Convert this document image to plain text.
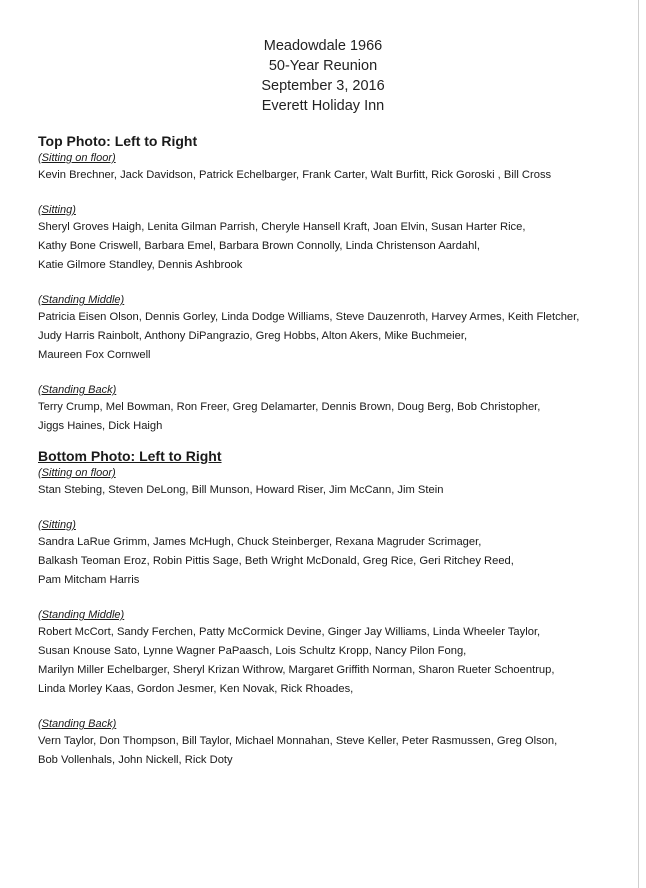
Meadowdale 1966
50-Year Reunion
September 3, 2016
Everett Holiday Inn
Top Photo: Left to Right
(Sitting on floor)
Kevin Brechner, Jack Davidson, Patrick Echelbarger, Frank Carter, Walt Burfitt, Rick Goroski , Bill Cross
(Sitting)
Sheryl Groves Haigh, Lenita Gilman Parrish, Cheryle Hansell Kraft, Joan Elvin, Susan Harter Rice,
Kathy Bone Criswell, Barbara Emel, Barbara Brown Connolly, Linda Christenson Aardahl,
Katie Gilmore Standley, Dennis Ashbrook
(Standing Middle)
Patricia Eisen Olson, Dennis Gorley, Linda Dodge Williams, Steve Dauzenroth, Harvey Armes, Keith Fletcher,
Judy Harris Rainbolt, Anthony DiPangrazio, Greg Hobbs, Alton Akers, Mike Buchmeier,
Maureen Fox Cornwell
(Standing Back)
Terry Crump, Mel Bowman, Ron Freer, Greg Delamarter, Dennis Brown, Doug Berg, Bob Christopher,
Jiggs Haines, Dick Haigh
Bottom Photo: Left to Right
(Sitting on floor)
Stan Stebing, Steven DeLong, Bill Munson, Howard Riser, Jim McCann, Jim Stein
(Sitting)
Sandra LaRue Grimm, James McHugh, Chuck Steinberger, Rexana Magruder Scrimager,
Balkash Teoman Eroz, Robin Pittis Sage, Beth Wright McDonald, Greg Rice, Geri Ritchey Reed,
Pam Mitcham Harris
(Standing Middle)
Robert McCort, Sandy Ferchen, Patty McCormick Devine, Ginger Jay Williams, Linda Wheeler Taylor,
Susan Knouse Sato, Lynne Wagner PaPaasch, Lois Schultz Kropp, Nancy Pilon Fong,
Marilyn Miller Echelbarger, Sheryl Krizan Withrow, Margaret Griffith Norman, Sharon Rueter Schoentrup,
Linda Morley Kaas, Gordon Jesmer, Ken Novak, Rick Rhoades,
(Standing Back)
Vern Taylor, Don Thompson, Bill Taylor, Michael Monnahan, Steve Keller, Peter Rasmussen, Greg Olson,
Bob Vollenhals, John Nickell, Rick Doty
